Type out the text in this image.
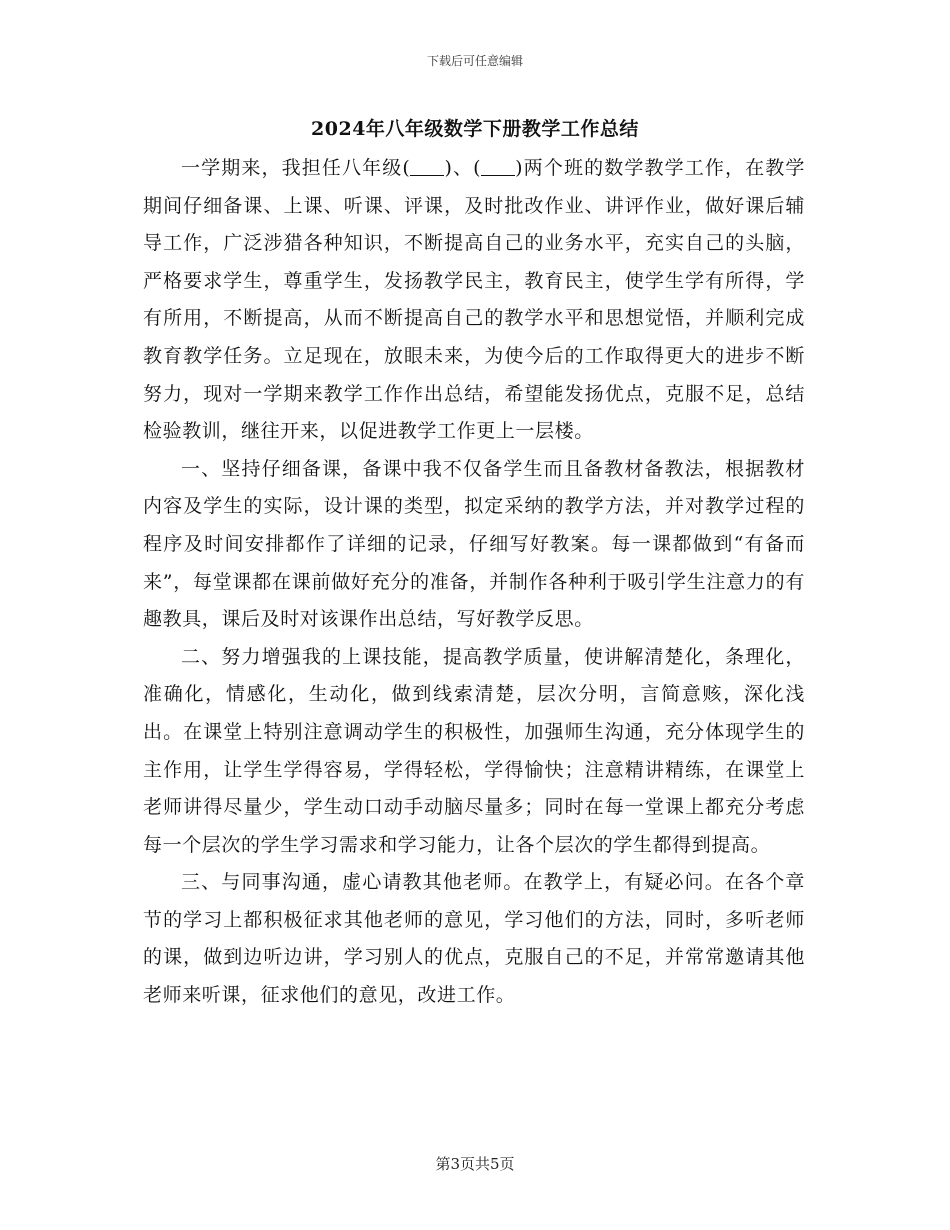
下载后可任意编辑
2024年八年级数学下册教学工作总结

一学期来，我担任八年级( )、( )两个班的数学教学工作，在教学期间仔细备课、上课、听课、评课，及时批改作业、讲评作业，做好课后辅导工作，广泛涉猎各种知识，不断提高自己的业务水平，充实自己的头脑，严格要求学生，尊重学生，发扬教学民主，教育民主，使学生学有所得，学有所用，不断提高，从而不断提高自己的教学水平和思想觉悟，并顺利完成教育教学任务。立足现在，放眼未来，为使今后的工作取得更大的进步不断努力，现对一学期来教学工作作出总结，希望能发扬优点，克服不足，总结检验教训，继往开来，以促进教学工作更上一层楼。

一、坚持仔细备课，备课中我不仅备学生而且备教材备教法，根据教材内容及学生的实际，设计课的类型，拟定采纳的教学方法，并对教学过程的程序及时间安排都作了详细的记录，仔细写好教案。每一课都做到“有备而来”，每堂课都在课前做好充分的准备，并制作各种利于吸引学生注意力的有趣教具，课后及时对该课作出总结，写好教学反思。

二、努力增强我的上课技能，提高教学质量，使讲解清楚化，条理化，准确化，情感化，生动化，做到线索清楚，层次分明，言简意赅，深化浅出。在课堂上特别注意调动学生的积极性，加强师生沟通，充分体现学生的主作用，让学生学得容易，学得轻松，学得愉快；注意精讲精练，在课堂上老师讲得尽量少，学生动口动手动脑尽量多；同时在每一堂课上都充分考虑每一个层次的学生学习需求和学习能力，让各个层次的学生都得到提高。

三、与同事沟通，虚心请教其他老师。在教学上，有疑必问。在各个章节的学习上都积极征求其他老师的意见，学习他们的方法，同时，多听老师的课，做到边听边讲，学习别人的优点，克服自己的不足，并常常邀请其他老师来听课，征求他们的意见，改进工作。

第3页共5页
